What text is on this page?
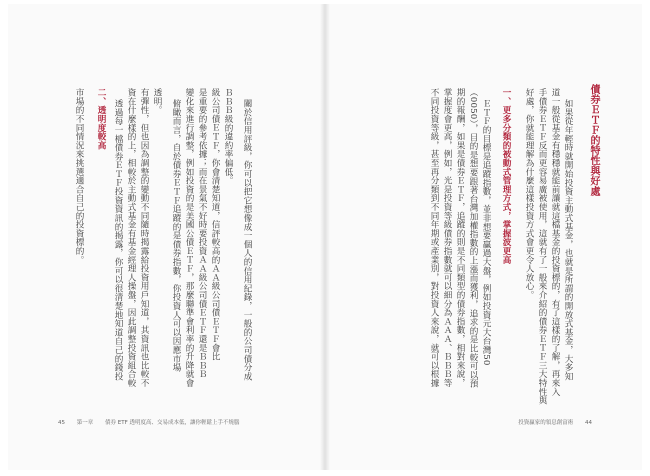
市場的不同情況來挑選適合自己的投資標的。 二、透明度較高 透過每一檔債券ＥＴＦ投資資訊的揭露，你可以很清楚地知道自己的錢投 資在什麼樣的上，相較於主動式基金有基金經理人操盤，因此調整投資組合較 有彈性，但也因為調整的變動不同隨時揭露給投資用戶知道，其資訊也比較不 透明。 俯瞰而言，自於債券ＥＴＦ追蹤的是債券指數，你投資人可以因應市場 變化來進行調整，例如投資的是美國公債ＥＴＦ，那麼聯準會利率的升降就會 是重要的參考依據；而在景氣不好時要投資ＡＡ級公司債ＥＴＦ還是ＢＢＢ 級公司債ＥＴＦ，你會清楚知道，信評較高的ＡＡ級公司債ＥＴＦ會比 ＢＢＢ級的違約率偏低。 關於信用評級，你可以把它想像成一個人的信用紀錄，一般的公司債分成
45 第一章 債券 ETF 透明度高、交易成本低，讓你輕鬆上手不燒腦
債券ＥＴＦ的特性與好處
如果從年輕時就開始投資主動式基金，也就是所謂的開放式基金，大多知
道一般從基金有穩穩就能前讓就這檔基金的投資標的，有了這樣的了解，再來入
手債券ＥＴＦ反而更容易廣被使用，這就有了一般來介紹的債券ＥＴＦ三大特性與
好處，你就能理解為什麼這樣投資方式會更令人放心。
一、更多分類的被動式管理方式，掌握波更高
ＥＴＦ的目標是追蹤指數，並非想要贏過大盤，例如投資元大台灣50
（0050），目的是想要跟著台灣加權指數的上漲而獲利，追求的是比較可以預
期的報酬，如果是債券ＥＴＦ，追蹤的則是不同類型的債券指數，相對來說，
掌握度會更高，例如，光是投資等級債券指數就可以細分為ＡＡＡ、ＢＢＢ等
不同投資等級，甚至再分類到不同年期或產業別，對投資人來說，就可以根據
投資贏家的領息創富術 44
